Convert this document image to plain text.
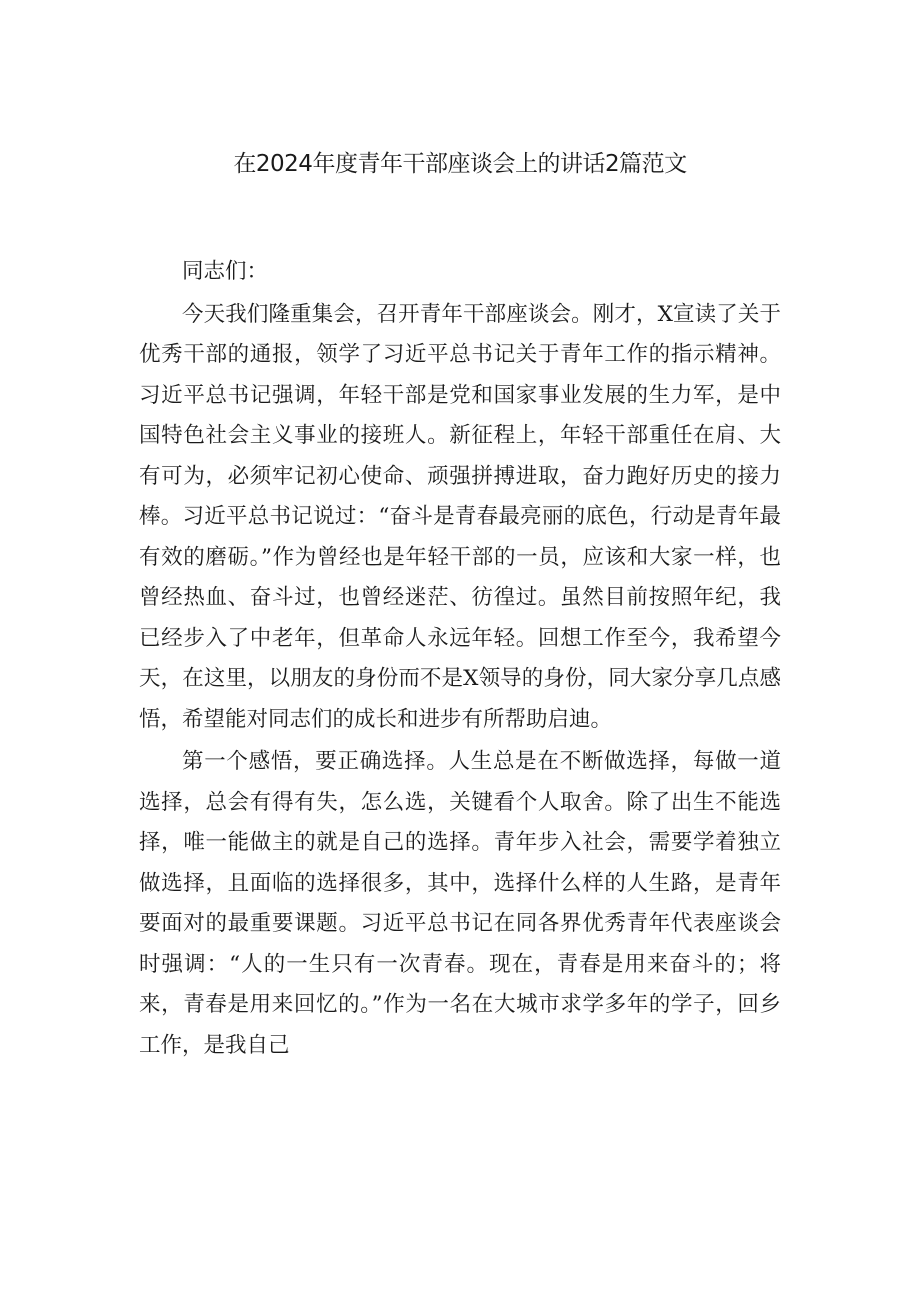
在2024年度青年干部座谈会上的讲话2篇范文

同志们：

今天我们隆重集会，召开青年干部座谈会。刚才，X宣读了关于优秀干部的通报，领学了习近平总书记关于青年工作的指示精神。习近平总书记强调，年轻干部是党和国家事业发展的生力军，是中国特色社会主义事业的接班人。新征程上，年轻干部重任在肩、大有可为，必须牢记初心使命、顽强拼搏进取，奋力跑好历史的接力棒。习近平总书记说过：“奋斗是青春最亮丽的底色，行动是青年最有效的磨砺。”作为曾经也是年轻干部的一员，应该和大家一样，也曾经热血、奋斗过，也曾经迷茫、彷徨过。虽然目前按照年纪，我已经步入了中老年，但革命人永远年轻。回想工作至今，我希望今天，在这里，以朋友的身份而不是X领导的身份，同大家分享几点感悟，希望能对同志们的成长和进步有所帮助启迪。

第一个感悟，要正确选择。人生总是在不断做选择，每做一道选择，总会有得有失，怎么选，关键看个人取舍。除了出生不能选择，唯一能做主的就是自己的选择。青年步入社会，需要学着独立做选择，且面临的选择很多，其中，选择什么样的人生路，是青年要面对的最重要课题。习近平总书记在同各界优秀青年代表座谈会时强调：“人的一生只有一次青春。现在，青春是用来奋斗的；将来，青春是用来回忆的。”作为一名在大城市求学多年的学子，回乡工作，是我自己
